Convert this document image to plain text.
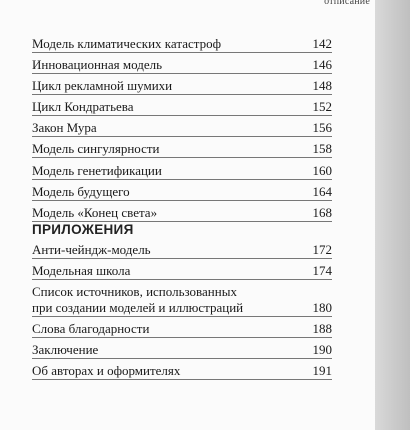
отписание
Модель климатических катастроф	142
Инновационная модель	146
Цикл рекламной шумихи	148
Цикл Кондратьева	152
Закон Мура	156
Модель сингулярности	158
Модель генетификации	160
Модель будущего	164
Модель «Конец света»	168
ПРИЛОЖЕНИЯ
Анти-чейндж-модель	172
Модельная школа	174
Список источников, использованных
при создании моделей и иллюстраций	180
Слова благодарности	188
Заключение	190
Об авторах и оформителях	191
